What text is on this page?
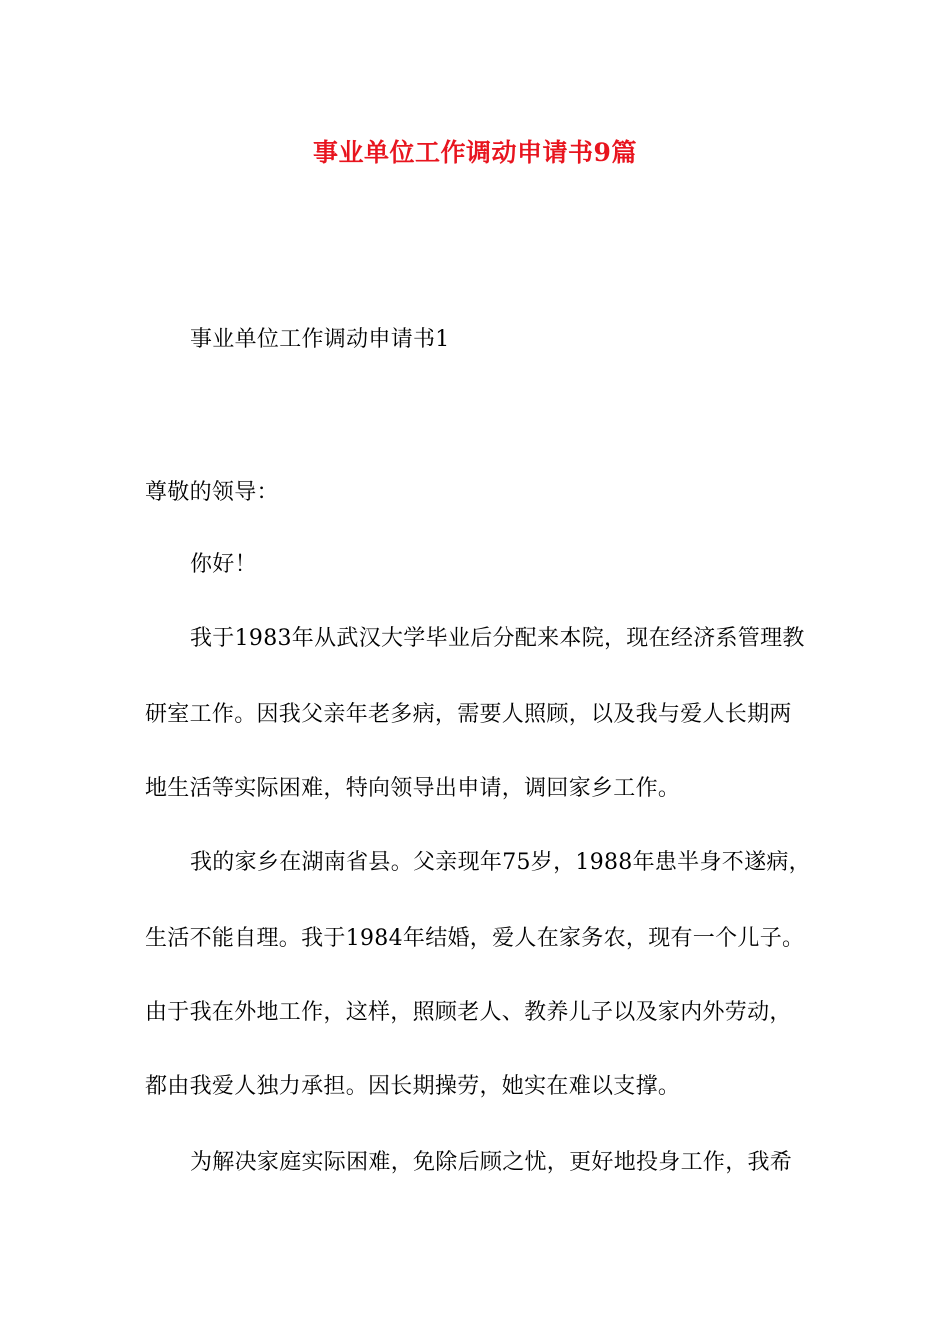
事业单位工作调动申请书9篇
事业单位工作调动申请书1
尊敬的领导：
你好！
我于1983年从武汉大学毕业后分配来本院，现在经济系管理教
研室工作。因我父亲年老多病，需要人照顾，以及我与爱人长期两
地生活等实际困难，特向领导出申请，调回家乡工作。
我的家乡在湖南省县。父亲现年75岁，1988年患半身不遂病，
生活不能自理。我于1984年结婚，爱人在家务农，现有一个儿子。
由于我在外地工作，这样，照顾老人、教养儿子以及家内外劳动，
都由我爱人独力承担。因长期操劳，她实在难以支撑。
为解决家庭实际困难，免除后顾之忧，更好地投身工作，我希
